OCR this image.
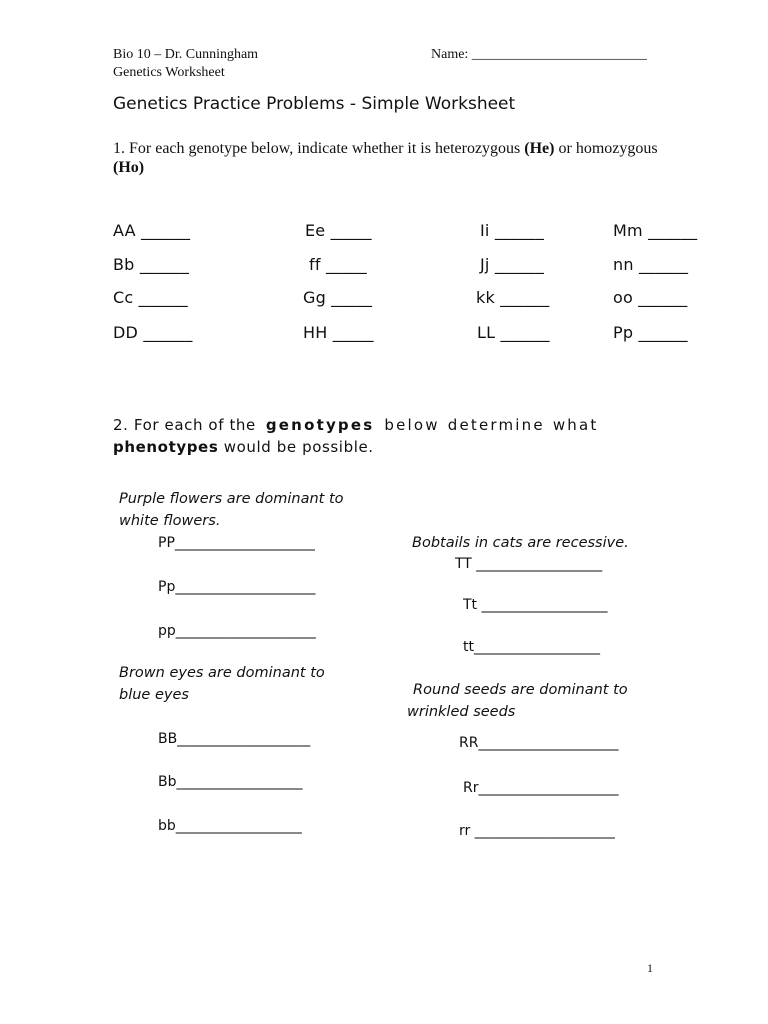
Bio 10 – Dr. Cunningham
Genetics Worksheet
Name: _________________________
Genetics Practice Problems - Simple Worksheet
1. For each genotype below, indicate whether it is heterozygous (He) or homozygous (Ho)
AA ______	Ee _____	Ii ______	Mm ______
Bb ______	ff _____	Jj ______	nn ______
Cc ______	Gg _____	kk ______	oo ______
DD ______	HH _____	LL ______	Pp ______
2. For each of the genotypes below determine what
phenotypes would be possible.
Purple flowers are dominant to white flowers.
PP____________________
Pp____________________
pp____________________
Bobtails in cats are recessive.
TT __________________
Tt __________________
tt__________________
Brown eyes are dominant to blue eyes
BB___________________
Bb__________________
bb__________________
Round seeds are dominant to wrinkled seeds
RR____________________
Rr____________________
rr ____________________
1
